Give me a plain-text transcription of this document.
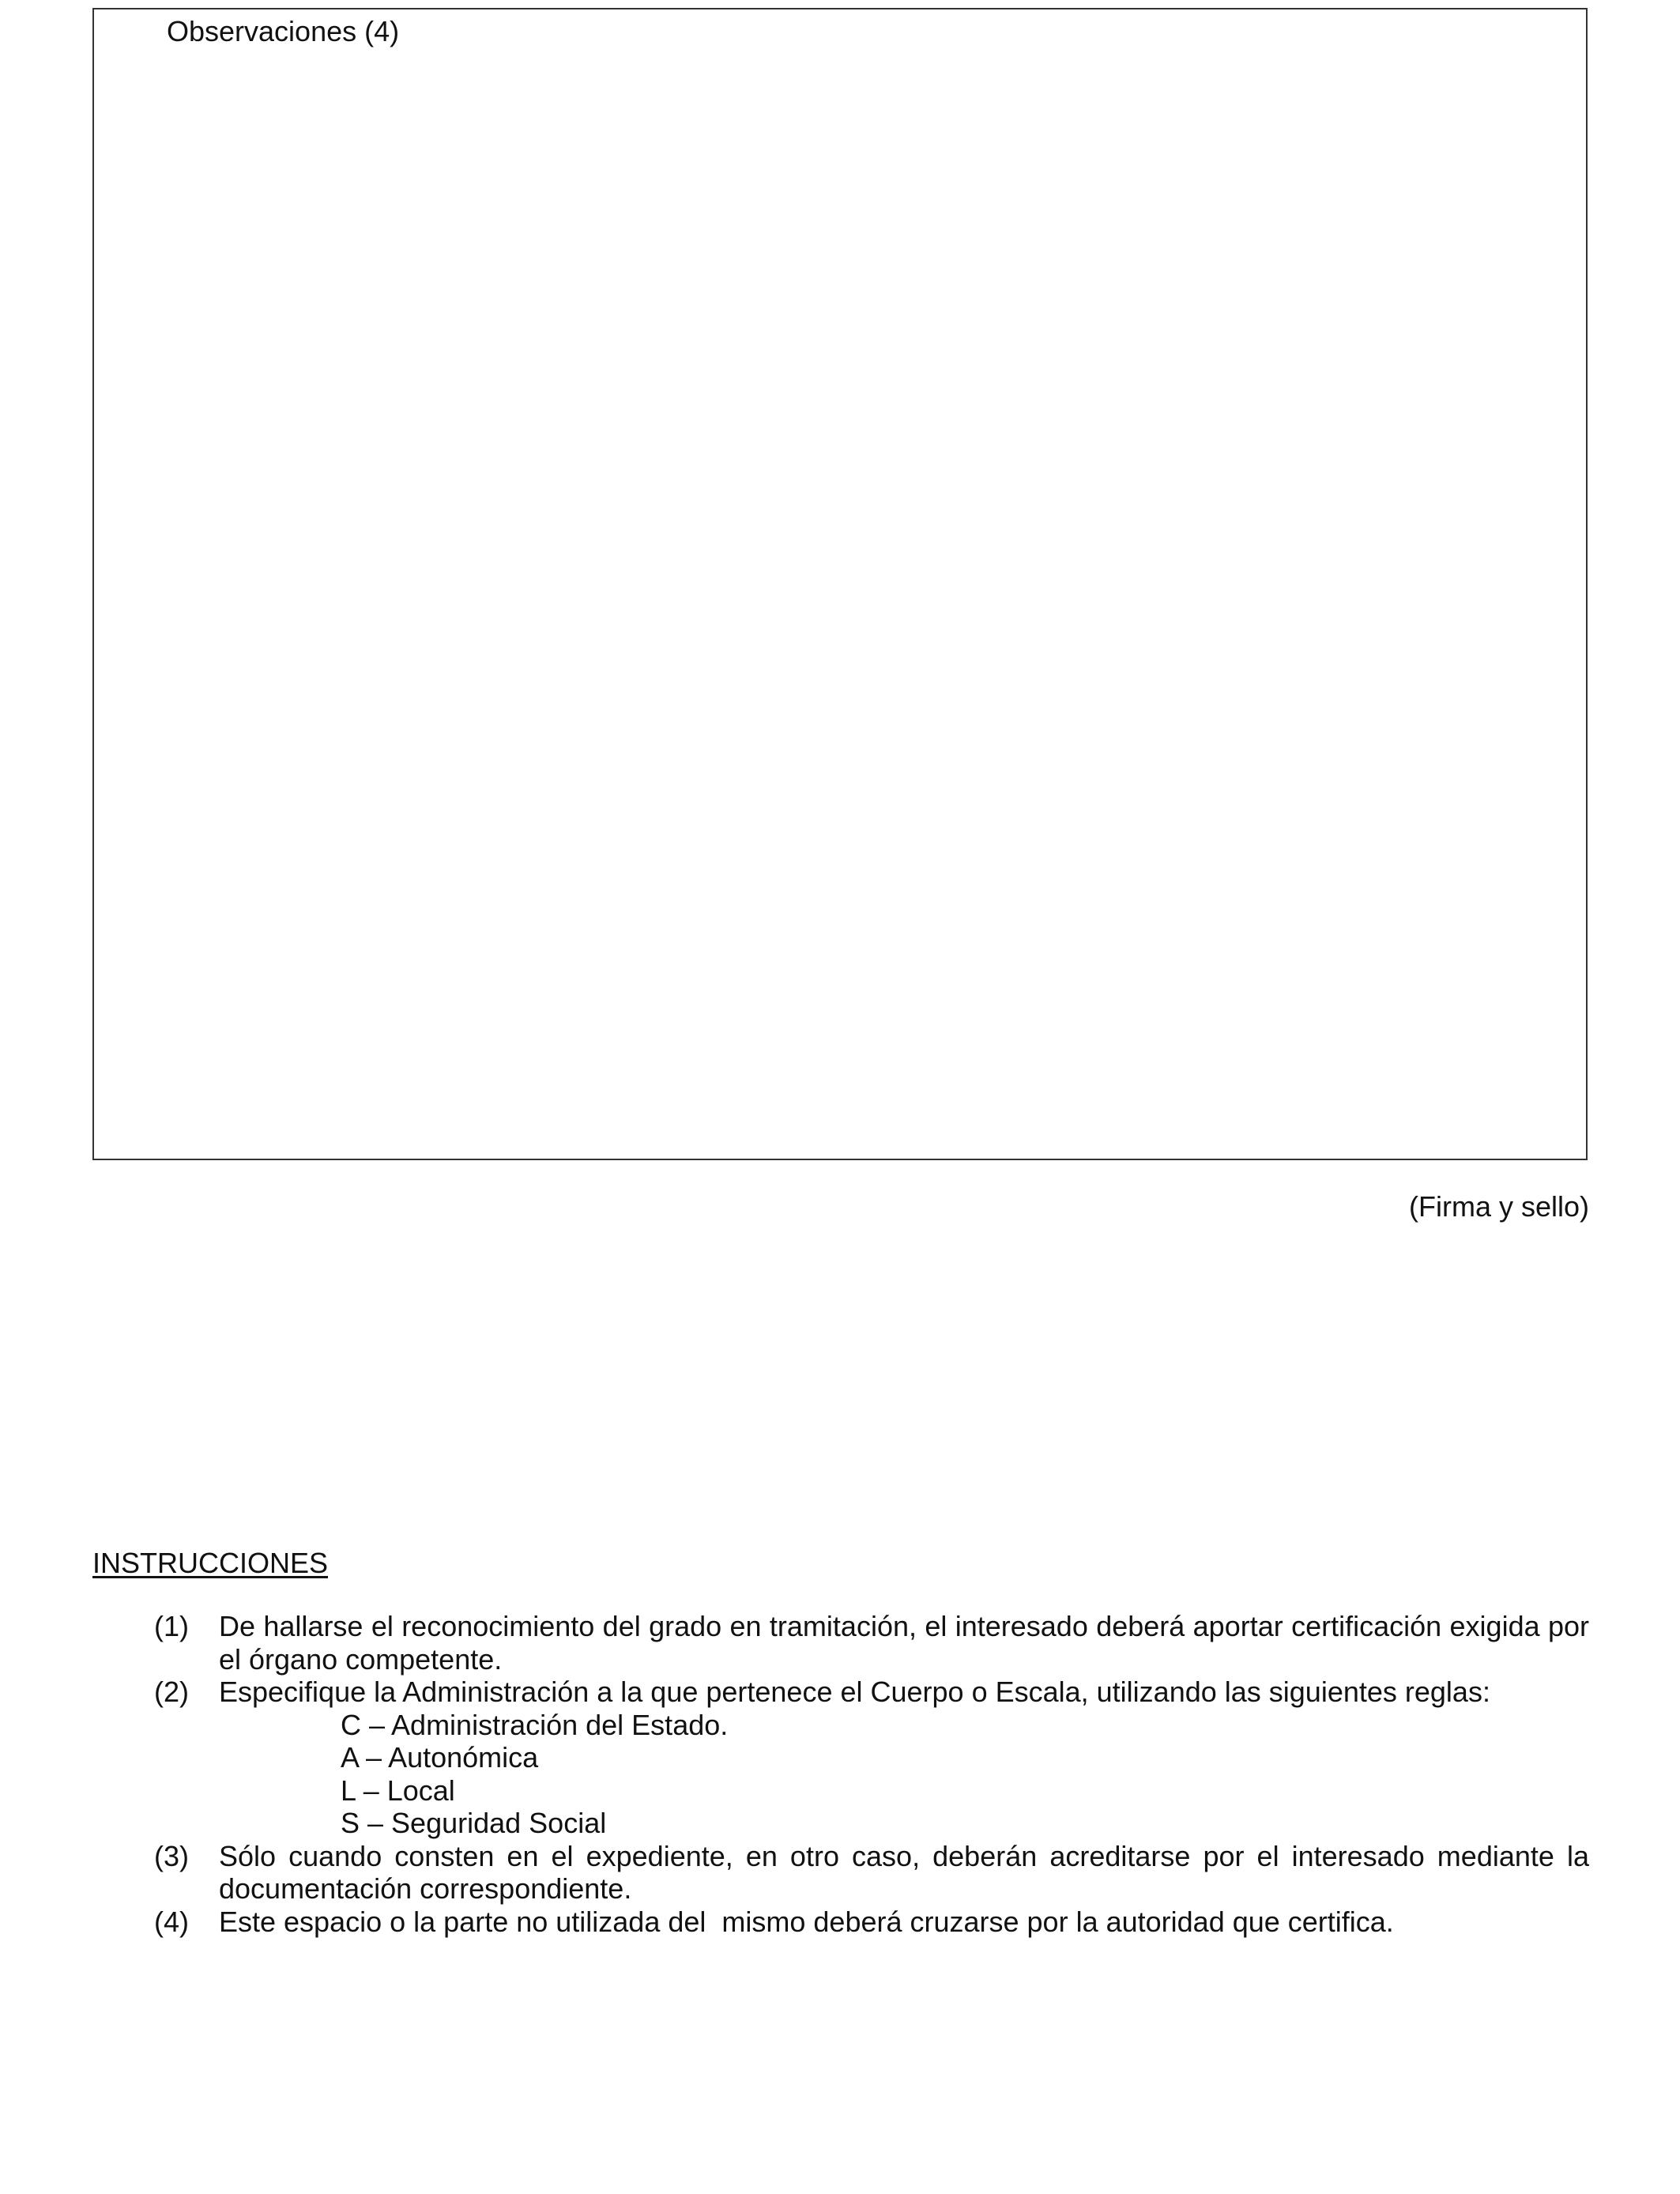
Observaciones (4)
(Firma y sello)
INSTRUCCIONES
(1) De hallarse el reconocimiento del grado en tramitación, el interesado deberá aportar certificación exigida por el órgano competente.
(2) Especifique la Administración a la que pertenece el Cuerpo o Escala, utilizando las siguientes reglas:
C – Administración del Estado.
A – Autonómica
L – Local
S – Seguridad Social
(3) Sólo cuando consten en el expediente, en otro caso, deberán acreditarse por el interesado mediante la documentación correspondiente.
(4) Este espacio o la parte no utilizada del  mismo deberá cruzarse por la autoridad que certifica.
